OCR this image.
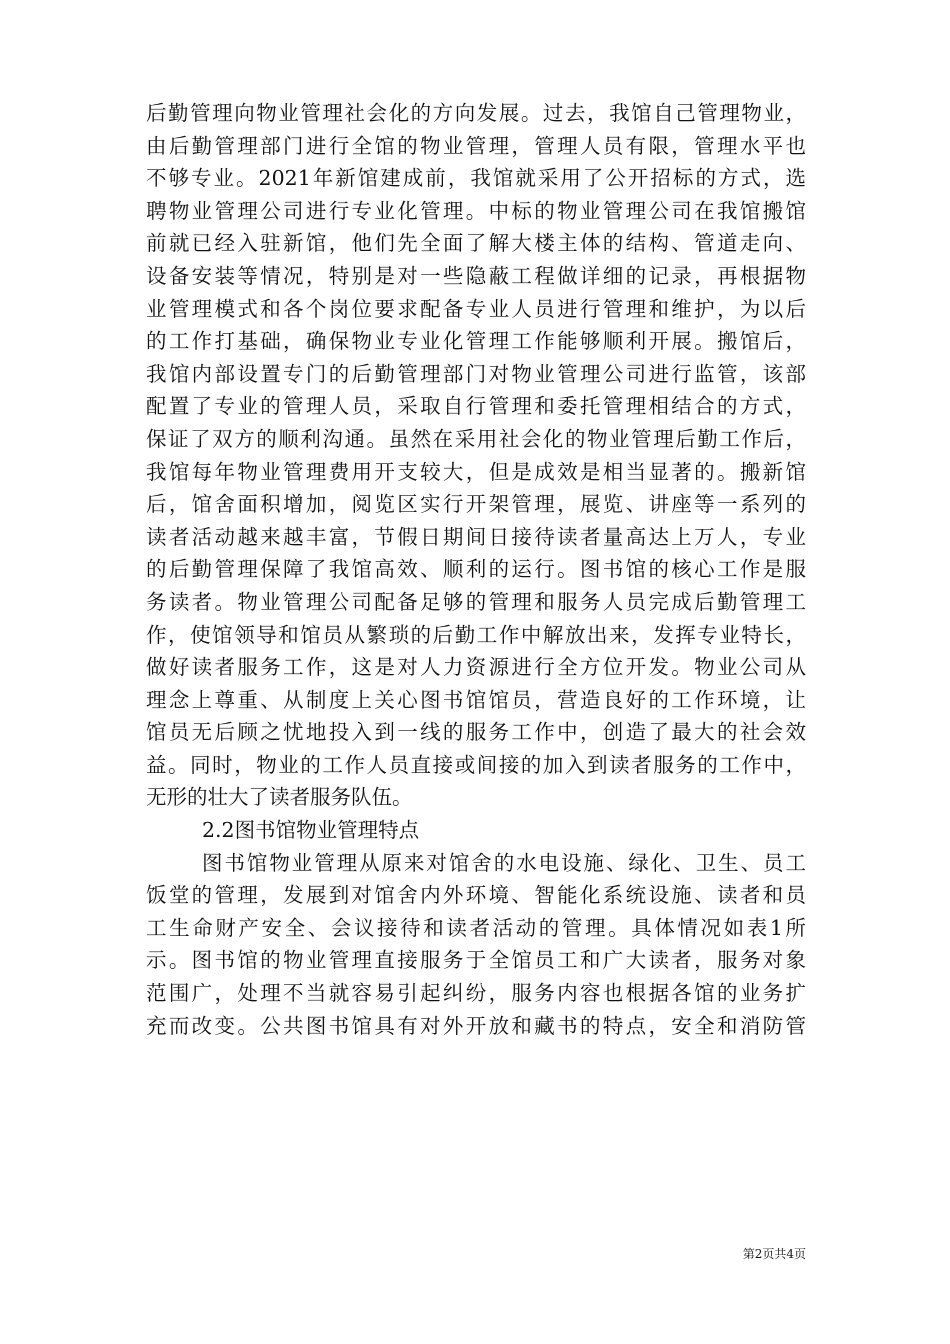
后勤管理向物业管理社会化的方向发展。过去，我馆自己管理物业，
由后勤管理部门进行全馆的物业管理，管理人员有限，管理水平也
不够专业。2021年新馆建成前，我馆就采用了公开招标的方式，选
聘物业管理公司进行专业化管理。中标的物业管理公司在我馆搬馆
前就已经入驻新馆，他们先全面了解大楼主体的结构、管道走向、
设备安装等情况，特别是对一些隐蔽工程做详细的记录，再根据物
业管理模式和各个岗位要求配备专业人员进行管理和维护，为以后
的工作打基础，确保物业专业化管理工作能够顺利开展。搬馆后，
我馆内部设置专门的后勤管理部门对物业管理公司进行监管，该部
配置了专业的管理人员，采取自行管理和委托管理相结合的方式，
保证了双方的顺利沟通。虽然在采用社会化的物业管理后勤工作后，
我馆每年物业管理费用开支较大，但是成效是相当显著的。搬新馆
后，馆舍面积增加，阅览区实行开架管理，展览、讲座等一系列的
读者活动越来越丰富，节假日期间日接待读者量高达上万人，专业
的后勤管理保障了我馆高效、顺利的运行。图书馆的核心工作是服
务读者。物业管理公司配备足够的管理和服务人员完成后勤管理工
作，使馆领导和馆员从繁琐的后勤工作中解放出来，发挥专业特长，
做好读者服务工作，这是对人力资源进行全方位开发。物业公司从
理念上尊重、从制度上关心图书馆馆员，营造良好的工作环境，让
馆员无后顾之忧地投入到一线的服务工作中，创造了最大的社会效
益。同时，物业的工作人员直接或间接的加入到读者服务的工作中，
无形的壮大了读者服务队伍。
2.2图书馆物业管理特点
图书馆物业管理从原来对馆舍的水电设施、绿化、卫生、员工
饭堂的管理，发展到对馆舍内外环境、智能化系统设施、读者和员
工生命财产安全、会议接待和读者活动的管理。具体情况如表1所
示。图书馆的物业管理直接服务于全馆员工和广大读者，服务对象
范围广，处理不当就容易引起纠纷，服务内容也根据各馆的业务扩
充而改变。公共图书馆具有对外开放和藏书的特点，安全和消防管
第2页共4页
